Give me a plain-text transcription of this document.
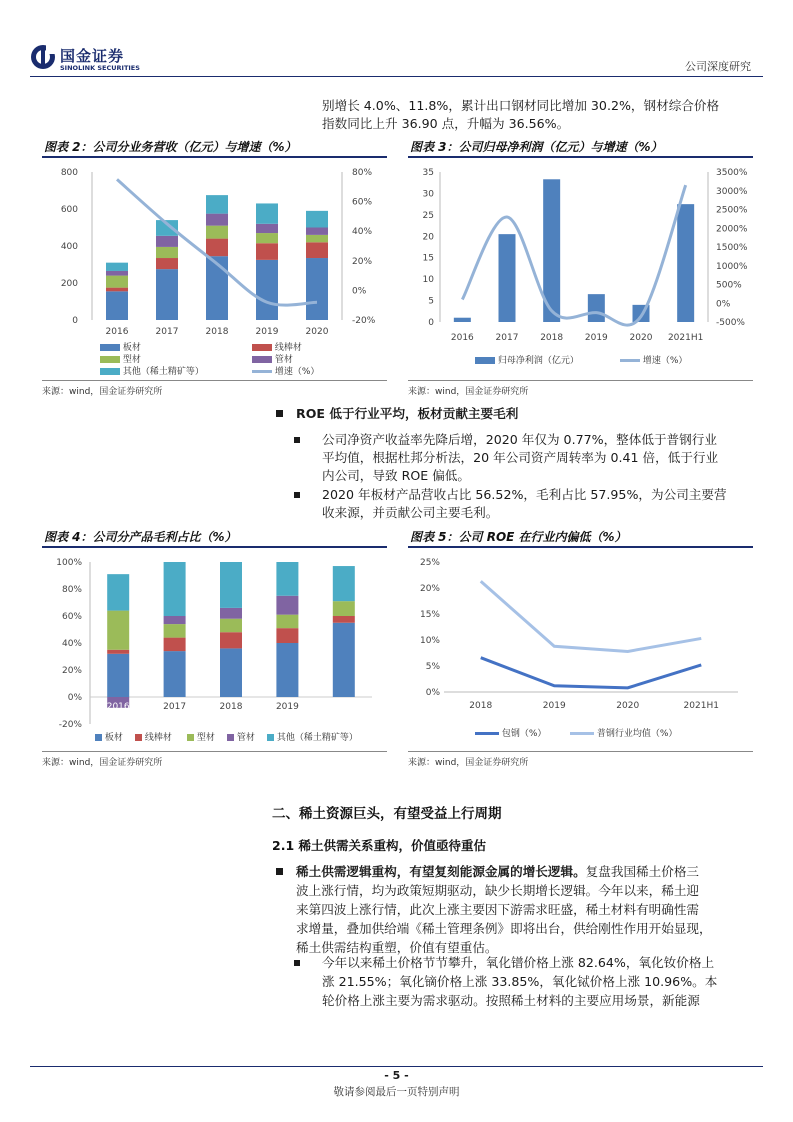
国金证券
SINOLINK SECURITIES	公司深度研究
别增长 4.0%、11.8%，累计出口钢材同比增加 30.2%，钢材综合价格
指数同比上升 36.90 点，升幅为 36.56%。
图表 2：公司分业务营收（亿元）与增速（%）
0
200
400
600
800
-20%
0%
20%
40%
60%
80%
2016	2017	2018	2019	2020
板材	线棒材
型材	管材
其他（稀土精矿等）	增速（%）
来源：wind，国金证券研究所
图表 3：公司归母净利润（亿元）与增速（%）
0
5
10
15
20
25
30
35
-500%
0%
500%
1000%
1500%
2000%
2500%
3000%
3500%
2016 2017 2018 2019 2020 2021H1
归母净利润（亿元）	增速（%）
来源：wind，国金证券研究所
ROE 低于行业平均，板材贡献主要毛利
公司净资产收益率先降后增，2020 年仅为 0.77%，整体低于普钢行业
平均值，根据杜邦分析法，20 年公司资产周转率为 0.41 倍，低于行业
内公司，导致 ROE 偏低。
2020 年板材产品营收占比 56.52%，毛利占比 57.95%，为公司主要营
收来源，并贡献公司主要毛利。
图表 4：公司分产品毛利占比（%）
-20%
0%
20%
40%
60%
80%
100%
2016	2017	2018	2019	2020
板材	线棒材	型材	管材	其他（稀土精矿等）
来源：wind，国金证券研究所
图表 5：公司 ROE 在行业内偏低（%）
0%
5%
10%
15%
20%
25%
2018	2019	2020	2021H1
包钢（%）	普钢行业均值（%）
来源：wind，国金证券研究所
二、稀土资源巨头，有望受益上行周期
2.1 稀土供需关系重构，价值亟待重估
稀土供需逻辑重构，有望复刻能源金属的增长逻辑。复盘我国稀土价格三
波上涨行情，均为政策短期驱动，缺少长期增长逻辑。今年以来，稀土迎
来第四波上涨行情，此次上涨主要因下游需求旺盛，稀土材料有明确性需
求增量，叠加供给端《稀土管理条例》即将出台，供给刚性作用开始显现，
稀土供需结构重塑，价值有望重估。
今年以来稀土价格节节攀升，氧化镨价格上涨 82.64%，氧化钕价格上
涨 21.55%；氧化镝价格上涨 33.85%，氧化铽价格上涨 10.96%。本
轮价格上涨主要为需求驱动。按照稀土材料的主要应用场景，新能源
- 5 -
敬请参阅最后一页特别声明
